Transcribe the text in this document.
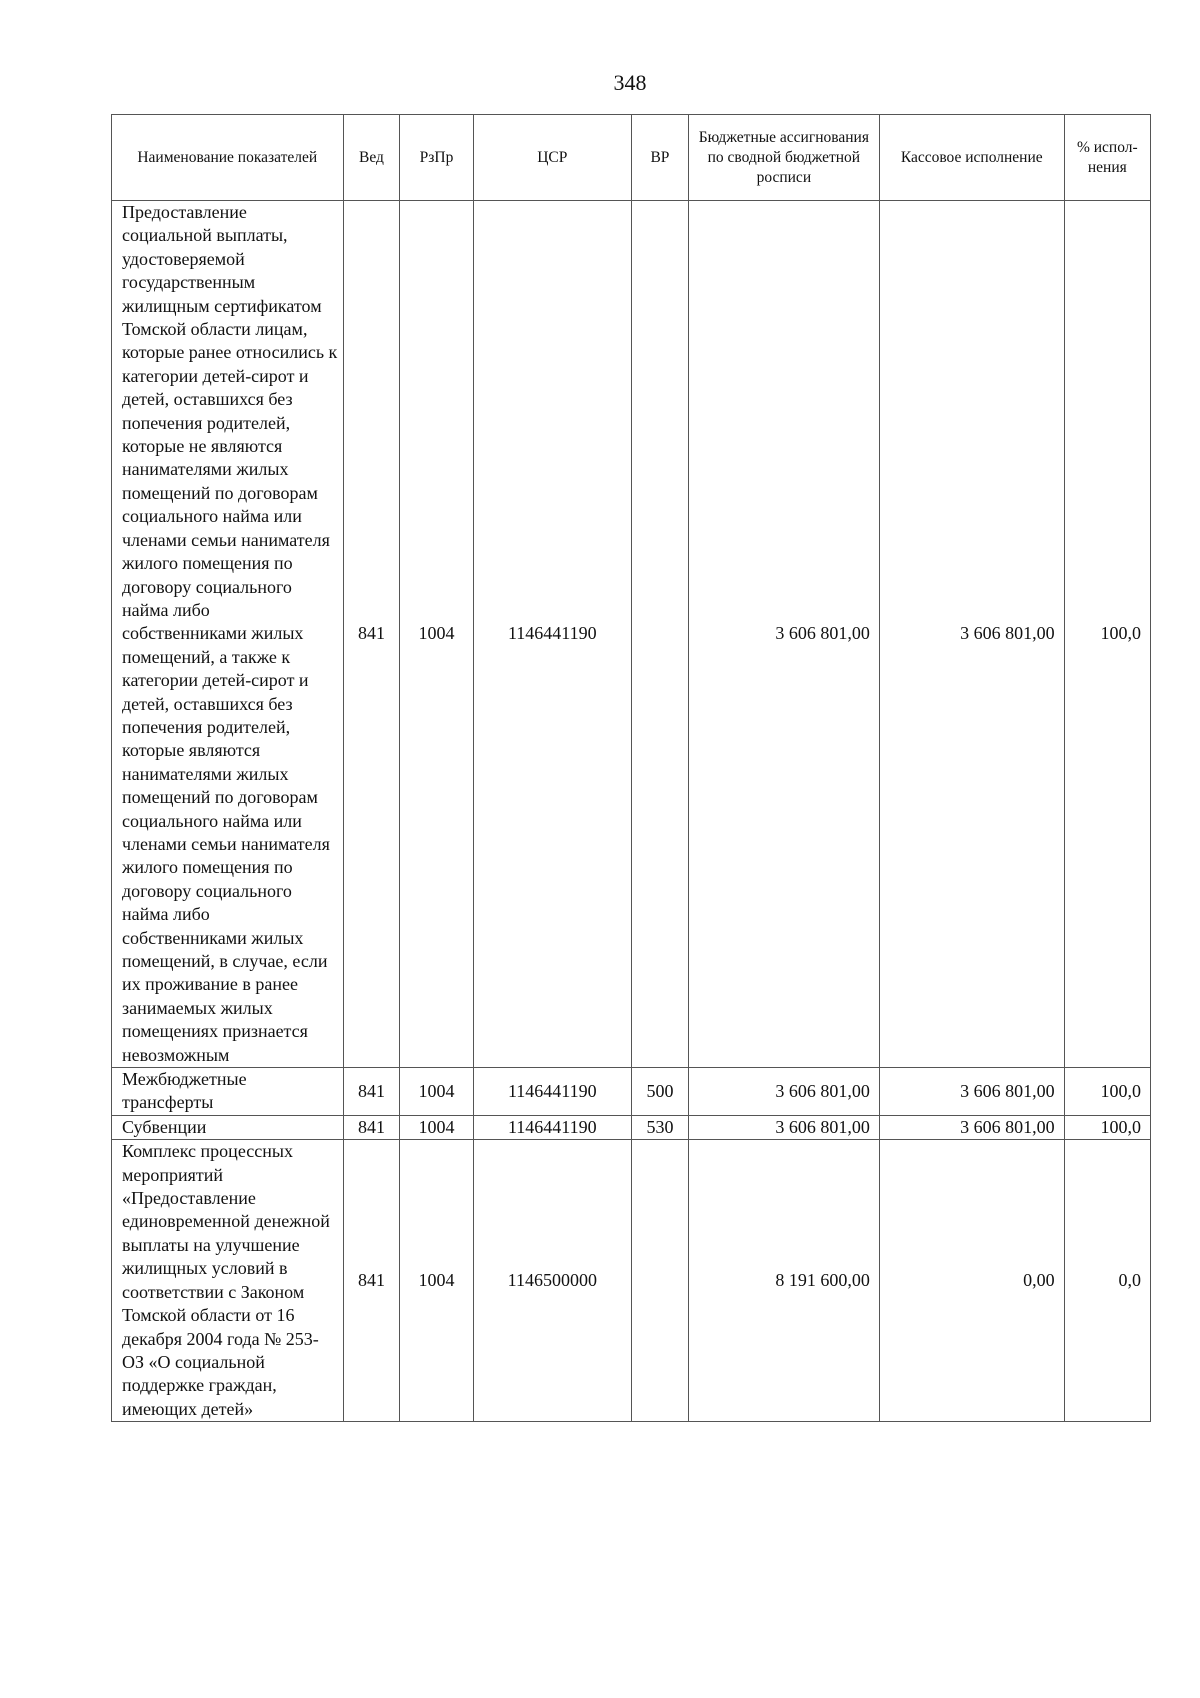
348
Наименование показателей	Вед	РзПр	ЦСР	ВР	Бюджетные ассигнования по сводной бюджетной росписи	Кассовое исполнение	% испол-нения
Предоставление социальной выплаты, удостоверяемой государственным жилищным сертификатом Томской области лицам, которые ранее относились к категории детей-сирот и детей, оставшихся без попечения родителей, которые не являются нанимателями жилых помещений по договорам социального найма или членами семьи нанимателя жилого помещения по договору социального найма либо собственниками жилых помещений, а также к категории детей-сирот и детей, оставшихся без попечения родителей, которые являются нанимателями жилых помещений по договорам социального найма или членами семьи нанимателя жилого помещения по договору социального найма либо собственниками жилых помещений, в случае, если их проживание в ранее занимаемых жилых помещениях признается невозможным	841	1004	1146441190		3 606 801,00	3 606 801,00	100,0
Межбюджетные трансферты	841	1004	1146441190	500	3 606 801,00	3 606 801,00	100,0
Субвенции	841	1004	1146441190	530	3 606 801,00	3 606 801,00	100,0
Комплекс процессных мероприятий «Предоставление единовременной денежной выплаты на улучшение жилищных условий в соответствии с Законом Томской области от 16 декабря 2004 года № 253-ОЗ «О социальной поддержке граждан, имеющих детей»	841	1004	1146500000		8 191 600,00	0,00	0,0
